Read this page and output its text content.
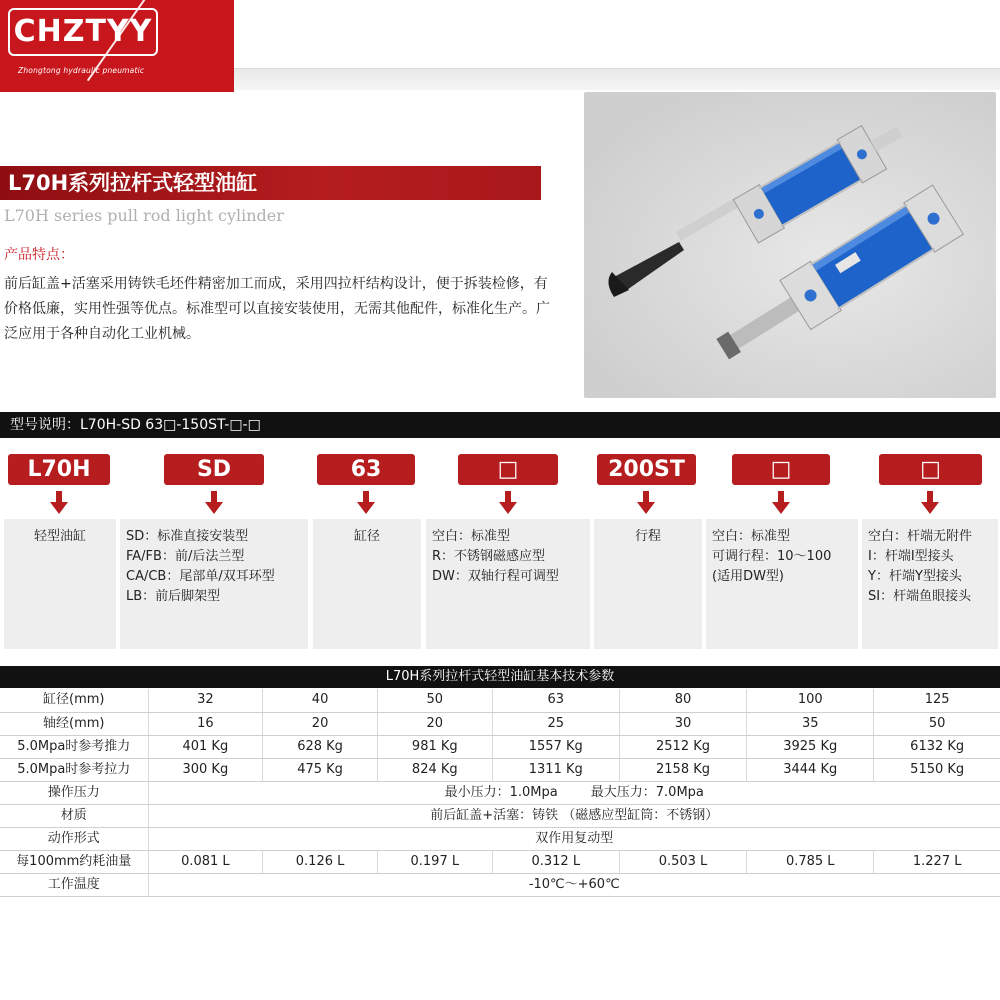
CHZTYY
Zhongtong hydraulic pneumatic
L70H系列拉杆式轻型油缸
L70H series pull rod light cylinder
产品特点：
前后缸盖+活塞采用铸铁毛坯件精密加工而成，采用四拉杆结构设计，便于拆装检修，有价格低廉，实用性强等优点。标准型可以直接安装使用，无需其他配件，标准化生产。广泛应用于各种自动化工业机械。
型号说明：L70H-SD 63□-150ST-□-□
L70H	SD	63	□	200ST	□	□
轻型油缸	SD：标准直接安装型
FA/FB：前/后法兰型
CA/CB：尾部单/双耳环型
LB：前后脚架型
缸径	空白：标准型
R：不锈钢磁感应型
DW：双轴行程可调型
行程	空白：标准型
可调行程：10～100
(适用DW型)
空白：杆端无附件
I：杆端I型接头
Y：杆端Y型接头
SI：杆端鱼眼接头
L70H系列拉杆式轻型油缸基本技术参数
缸径(mm)	32	40	50	63	80	100	125
轴经(mm)	16	20	20	25	30	35	50
5.0Mpa时参考推力	401 Kg	628 Kg	981 Kg	1557 Kg	2512 Kg	3925 Kg	6132 Kg
5.0Mpa时参考拉力	300 Kg	475 Kg	824 Kg	1311 Kg	2158 Kg	3444 Kg	5150 Kg
操作压力	最小压力：1.0Mpa        最大压力：7.0Mpa						
材质	前后缸盖+活塞：铸铁 （磁感应型缸筒：不锈钢）						
动作形式	双作用复动型						
每100mm约耗油量	0.081 L	0.126 L	0.197 L	0.312 L	0.503 L	0.785 L	1.227 L
工作温度	-10℃～+60℃						
